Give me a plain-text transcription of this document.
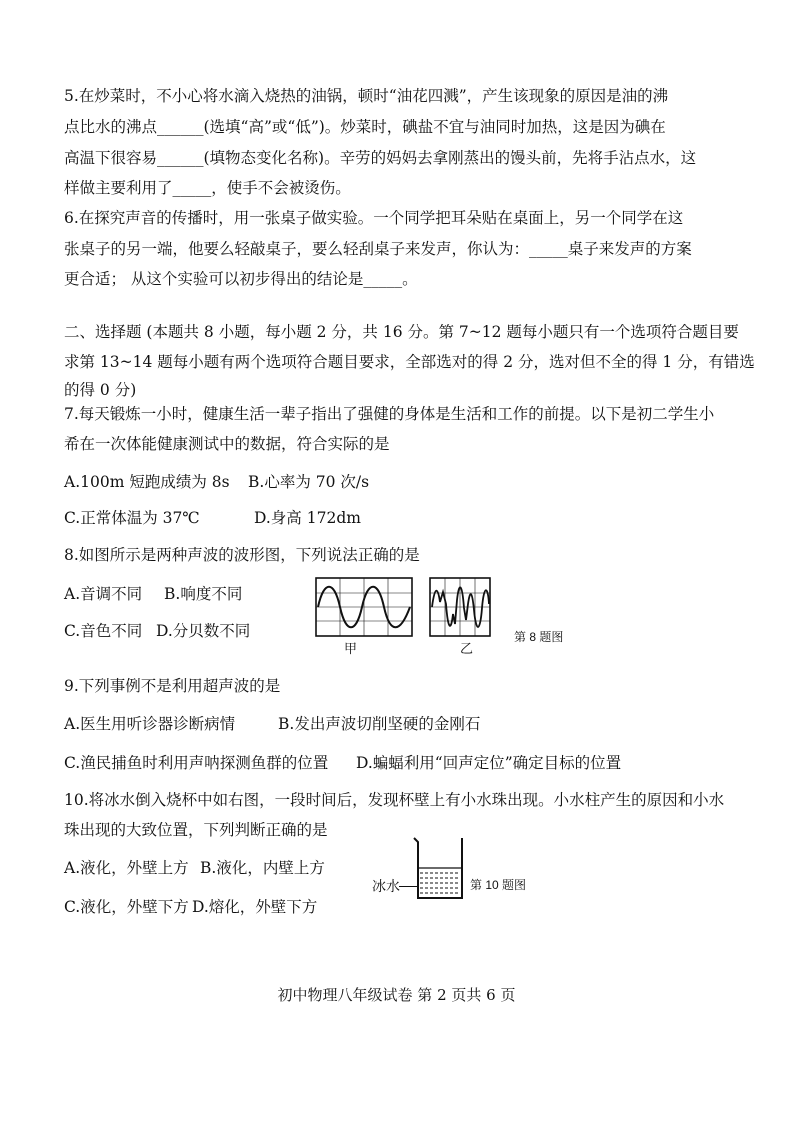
5.在炒菜时，不小心将水滴入烧热的油锅，顿时“油花四溅”，产生该现象的原因是油的沸
点比水的沸点______(选填“高”或“低”)。炒菜时，碘盐不宜与油同时加热，这是因为碘在
高温下很容易______(填物态变化名称)。辛劳的妈妈去拿刚蒸出的馒头前，先将手沾点水，这
样做主要利用了_____，使手不会被烫伤。
6.在探究声音的传播时，用一张桌子做实验。一个同学把耳朵贴在桌面上，另一个同学在这
张桌子的另一端，他要么轻敲桌子，要么轻刮桌子来发声，你认为：_____桌子来发声的方案
更合适； 从这个实验可以初步得出的结论是_____。
二、选择题 (本题共 8 小题，每小题 2 分，共 16 分。第 7~12 题每小题只有一个选项符合题目要
求第 13~14 题每小题有两个选项符合题目要求，全部选对的得 2 分，选对但不全的得 1 分，有错选
的得 0 分)
7.每天锻炼一小时，健康生活一辈子指出了强健的身体是生活和工作的前提。以下是初二学生小
希在一次体能健康测试中的数据，符合实际的是
A.100m 短跑成绩为 8s B.心率为 70 次/s
C.正常体温为 37℃	D.身高 172dm
8.如图所示是两种声波的波形图，下列说法正确的是
A.音调不同 B.响度不同
C.音色不同 D.分贝数不同
甲	乙
第 8 题图
9.下列事例不是利用超声波的是
A.医生用听诊器诊断病情	B.发出声波切削坚硬的金刚石
C.渔民捕鱼时利用声呐探测鱼群的位置 D.蝙蝠利用“回声定位”确定目标的位置
10.将冰水倒入烧杯中如右图，一段时间后，发现杯壁上有小水珠出现。小水柱产生的原因和小水
珠出现的大致位置，下列判断正确的是
A.液化，外壁上方 B.液化，内壁上方
C.液化，外壁下方 D.熔化，外壁下方
冰水	第 10 题图
初中物理八年级试卷 第 2 页共 6 页
